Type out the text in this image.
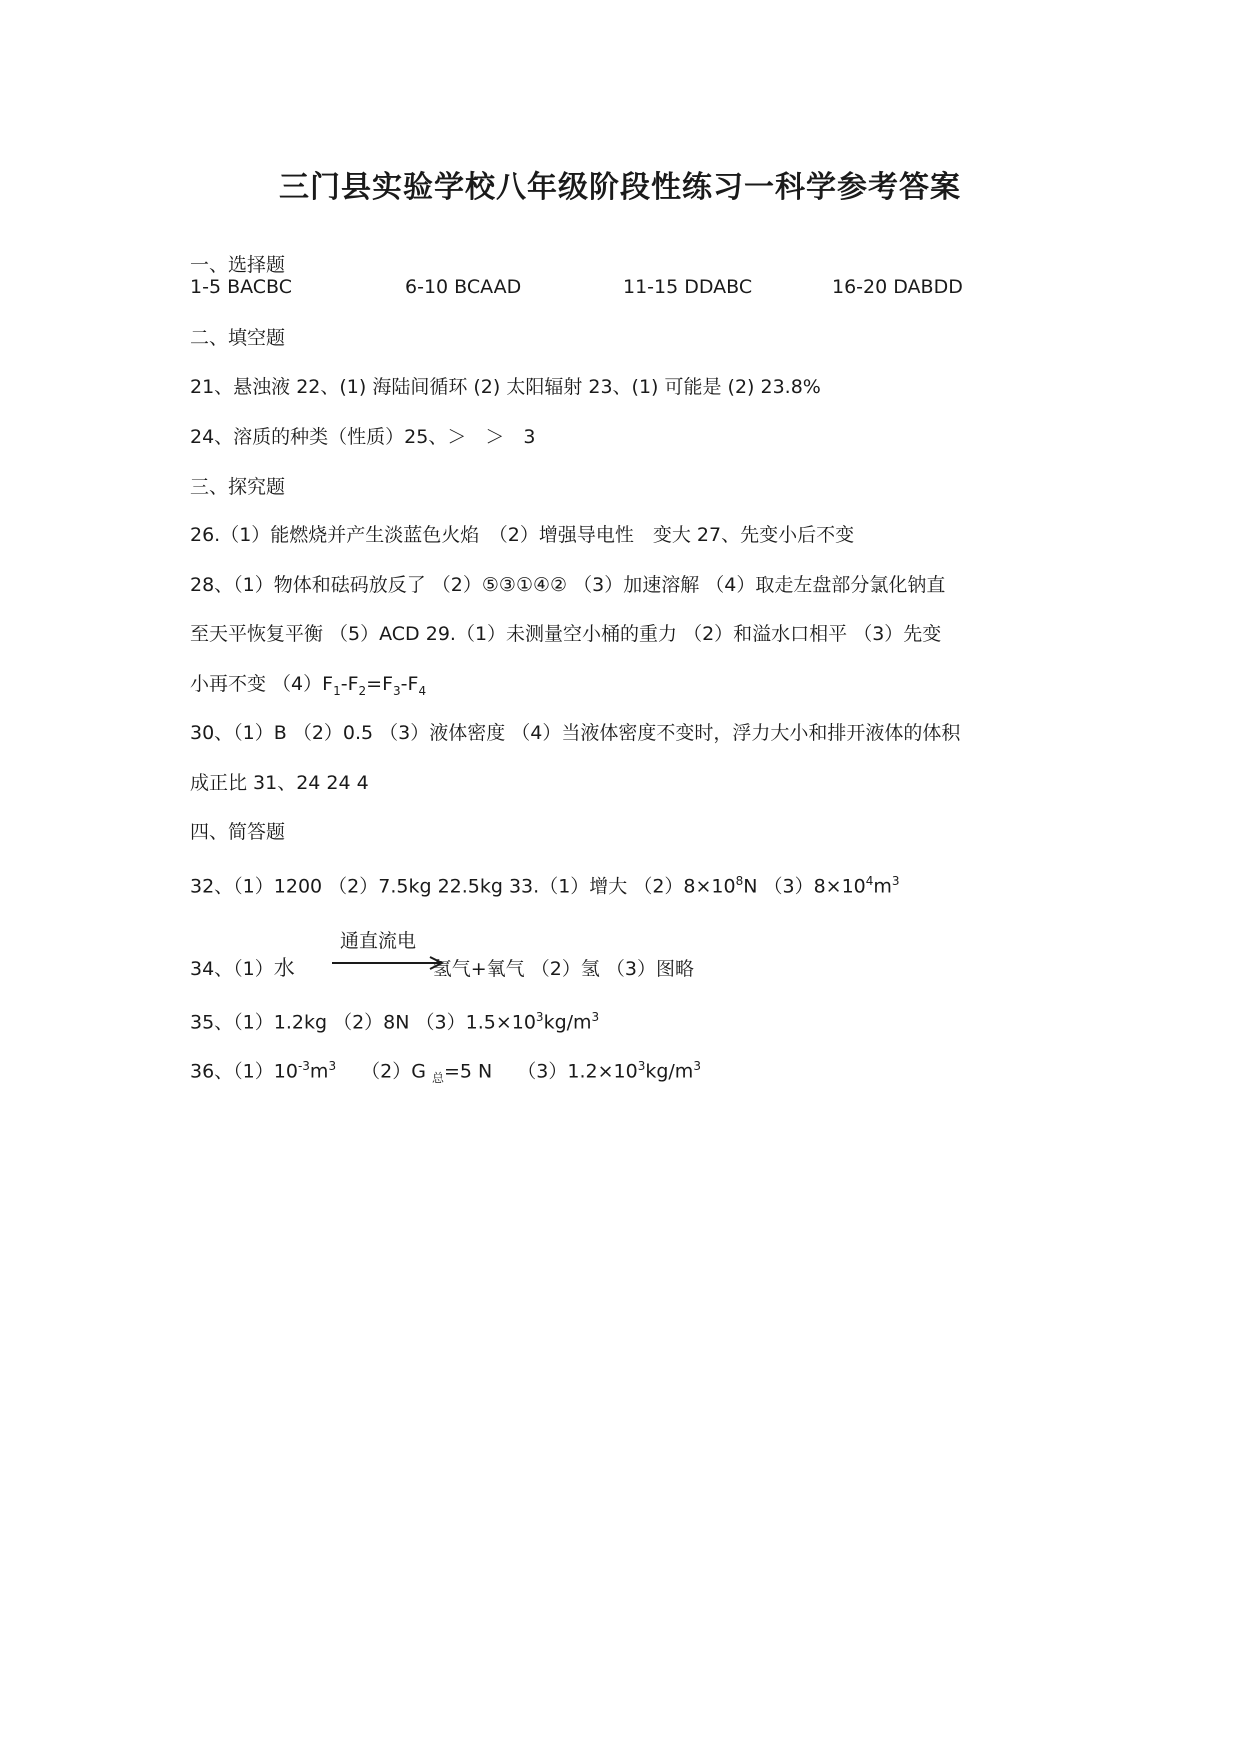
三门县实验学校八年级阶段性练习一科学参考答案
一、选择题
1-5 BACBC	6-10 BCAAD	11-15 DDABC	16-20 DABDD
二、填空题
21、悬浊液 22、(1) 海陆间循环 (2) 太阳辐射 23、(1) 可能是 (2) 23.8%
24、溶质的种类（性质）25、＞　＞　3
三、探究题
26.（1）能燃烧并产生淡蓝色火焰　（2）增强导电性　变大 27、先变小后不变
28、（1）物体和砝码放反了 （2）⑤③①④② （3）加速溶解 （4）取走左盘部分氯化钠直
至天平恢复平衡 （5）ACD 29.（1）未测量空小桶的重力 （2）和溢水口相平 （3）先变
小再不变 $(4)F_1-F_2=F_3-F_4$
30、（1）B （2）0.5 （3）液体密度 （4）当液体密度不变时，浮力大小和排开液体的体积
成正比 31、24 24 4
四、简答题
32、（1）1200 （2）7.5kg 22.5kg 33.（1）增大 $(2)8\times 10^8N$ $(3)8\times 10^4m^3$
通直流电
34、（1）水	氢气+氧气 （2）氢 （3）图略
35、（1）1.2kg （2）8N $(3)1.5\times 10^3kg/m^3$
36、$(1)10^{-3}m^3$　 （2）G $_总$=5 N　 $(3)1.2\times 10^3kg/m^3$
